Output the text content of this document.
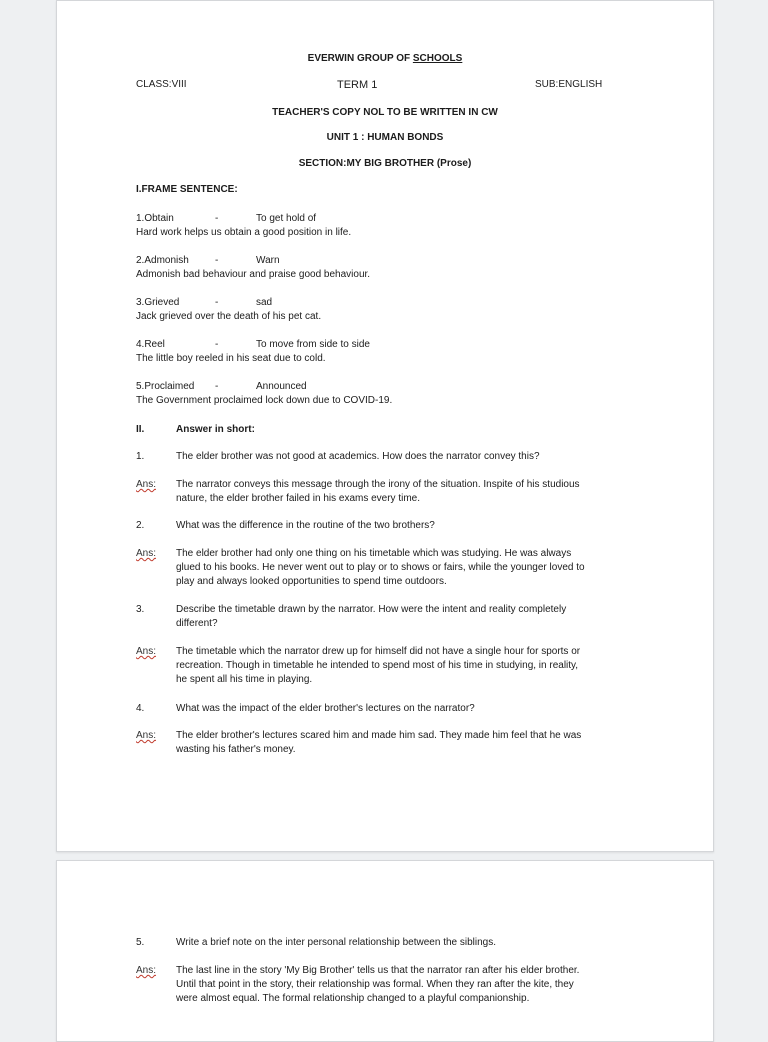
EVERWIN GROUP OF SCHOOLS
CLASS:VIII	TERM 1	SUB:ENGLISH
TEACHER'S COPY NOL TO BE WRITTEN IN CW
UNIT 1 : HUMAN BONDS
SECTION:MY BIG BROTHER (Prose)
I.FRAME SENTENCE:
1.Obtain	-	To get hold of
Hard work helps us obtain a good position in life.
2.Admonish	-	Warn
Admonish bad behaviour and praise good behaviour.
3.Grieved	-	sad
Jack grieved over the death of his pet cat.
4.Reel	-	To move from side to side
The little boy reeled in his seat due to cold.
5.Proclaimed -	Announced
The Government proclaimed lock down due to COVID-19.
II.	Answer in short:
1.	The elder brother was not good at academics. How does the narrator convey this?
Ans: The narrator conveys this message through the irony of the situation. Inspite of his studious
nature, the elder brother failed in his exams every time.
2.	What was the difference in the routine of the two brothers?
Ans: The elder brother had only one thing on his timetable which was studying. He was always
glued to his books. He never went out to play or to shows or fairs, while the younger loved to
play and always looked opportunities to spend time outdoors.
3.	Describe the timetable drawn by the narrator. How were the intent and reality completely
different?
Ans: The timetable which the narrator drew up for himself did not have a single hour for sports or
recreation. Though in timetable he intended to spend most of his time in studying, in reality,
he spent all his time in playing.
4.	What was the impact of the elder brother's lectures on the narrator?
Ans: The elder brother's lectures scared him and made him sad. They made him feel that he was
wasting his father's money.
5.	Write a brief note on the inter personal relationship between the siblings.
Ans: The last line in the story 'My Big Brother' tells us that the narrator ran after his elder brother.
Until that point in the story, their relationship was formal. When they ran after the kite, they
were almost equal. The formal relationship changed to a playful companionship.
